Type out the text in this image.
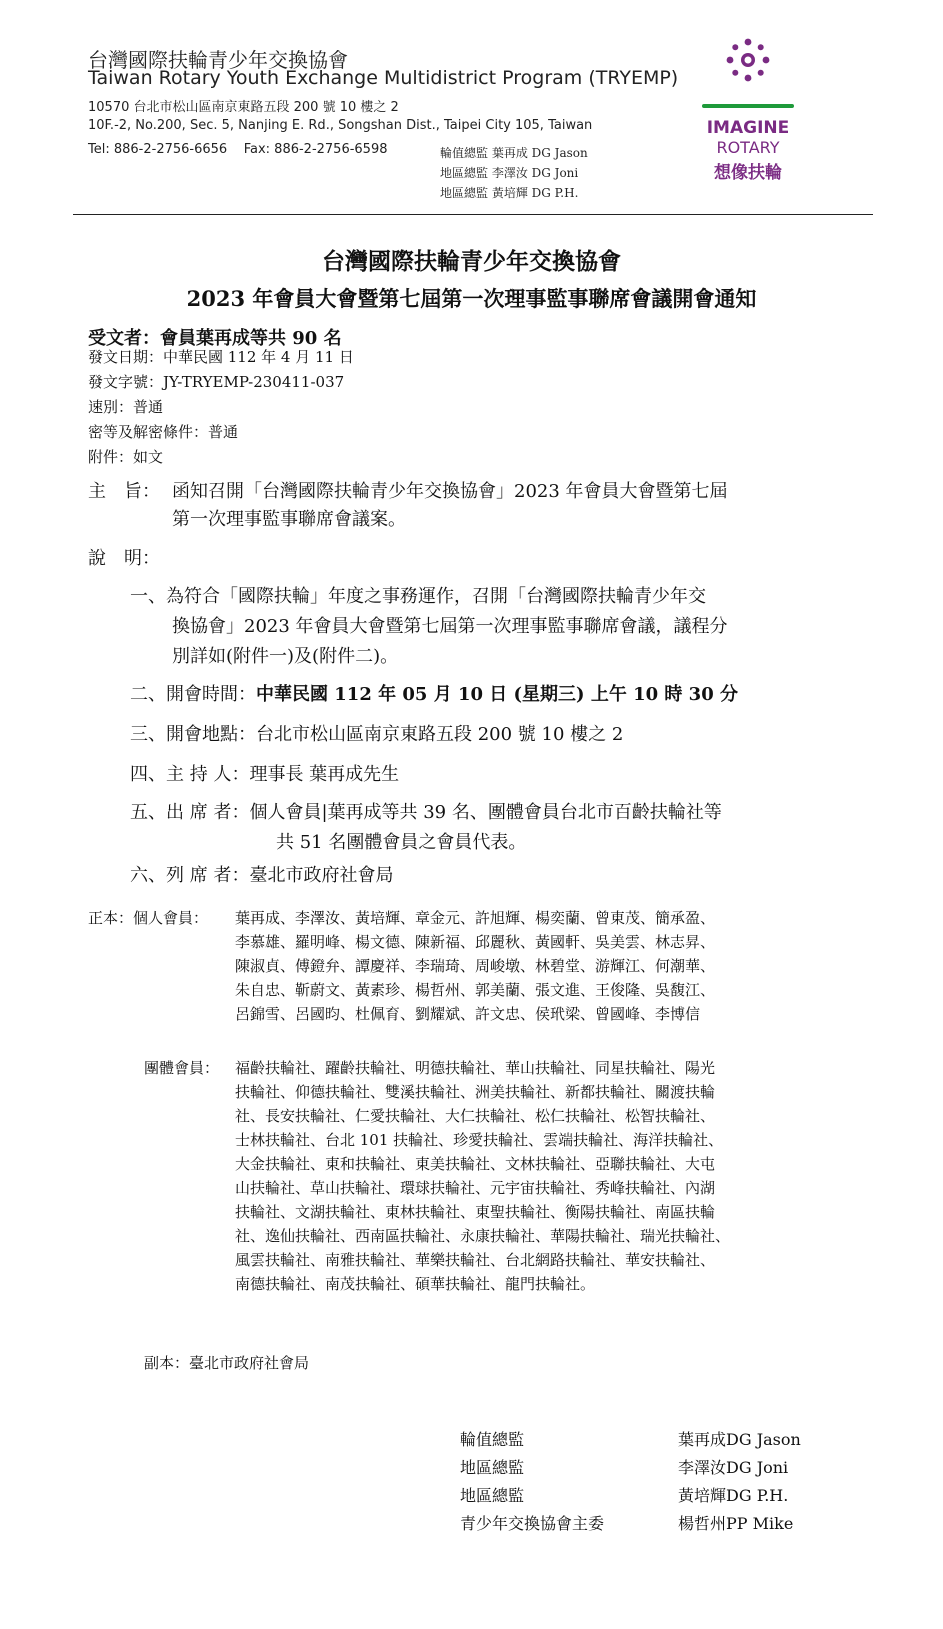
台灣國際扶輪青少年交換協會
Taiwan Rotary Youth Exchange Multidistrict Program (TRYEMP)
10570 台北市松山區南京東路五段 200 號 10 樓之 2
10F.-2, No.200, Sec. 5, Nanjing E. Rd., Songshan Dist., Taipei City 105, Taiwan
Tel: 886-2-2756-6656 Fax: 886-2-2756-6598	輪值總監 葉再成 DG Jason
地區總監 李澤汝 DG Joni
地區總監 黃培輝 DG P.H.
IMAGINE
ROTARY
想像扶輪
台灣國際扶輪青少年交換協會
2023 年會員大會暨第七屆第一次理事監事聯席會議開會通知
受文者：會員葉再成等共 90 名
發文日期：中華民國 112 年 4 月 11 日
發文字號：JY-TRYEMP-230411-037
速別：普通
密等及解密條件：普通
附件：如文
主　旨： 函知召開「台灣國際扶輪青少年交換協會」2023 年會員大會暨第七屆
第一次理事監事聯席會議案。
說　明：
一、為符合「國際扶輪」年度之事務運作，召開「台灣國際扶輪青少年交
換協會」2023 年會員大會暨第七屆第一次理事監事聯席會議，議程分
別詳如(附件一)及(附件二)。
二、開會時間：中華民國 112 年 05 月 10 日 (星期三) 上午 10 時 30 分
三、開會地點：台北市松山區南京東路五段 200 號 10 樓之 2
四、主 持 人：理事長 葉再成先生
五、出 席 者：個人會員|葉再成等共 39 名、團體會員台北市百齡扶輪社等
共 51 名團體會員之會員代表。
六、列 席 者：臺北市政府社會局
正本：個人會員： 葉再成、李澤汝、黃培輝、章金元、許旭輝、楊奕蘭、曾東茂、簡承盈、
李慕雄、羅明峰、楊文德、陳新福、邱麗秋、黃國軒、吳美雲、林志昇、
陳淑貞、傅鐙弁、譚慶祥、李瑞琦、周峻墩、林碧堂、游輝江、何潮華、
朱自忠、靳蔚文、黃素珍、楊哲州、郭美蘭、張文進、王俊隆、吳馥江、
呂錦雪、呂國昀、杜佩育、劉耀斌、許文忠、侯玳梁、曾國峰、李博信
團體會員： 福齡扶輪社、躍齡扶輪社、明德扶輪社、華山扶輪社、同星扶輪社、陽光
扶輪社、仰德扶輪社、雙溪扶輪社、洲美扶輪社、新都扶輪社、關渡扶輪
社、長安扶輪社、仁愛扶輪社、大仁扶輪社、松仁扶輪社、松智扶輪社、
士林扶輪社、台北 101 扶輪社、珍愛扶輪社、雲端扶輪社、海洋扶輪社、
大金扶輪社、東和扶輪社、東美扶輪社、文林扶輪社、亞聯扶輪社、大屯
山扶輪社、草山扶輪社、環球扶輪社、元宇宙扶輪社、秀峰扶輪社、內湖
扶輪社、文湖扶輪社、東林扶輪社、東聖扶輪社、衡陽扶輪社、南區扶輪
社、逸仙扶輪社、西南區扶輪社、永康扶輪社、華陽扶輪社、瑞光扶輪社、
風雲扶輪社、南雅扶輪社、華樂扶輪社、台北網路扶輪社、華安扶輪社、
南德扶輪社、南茂扶輪社、碩華扶輪社、龍門扶輪社。
副本：臺北市政府社會局
輪值總監	葉再成DG Jason
地區總監	李澤汝DG Joni
地區總監	黃培輝DG P.H.
青少年交換協會主委	楊哲州PP Mike
